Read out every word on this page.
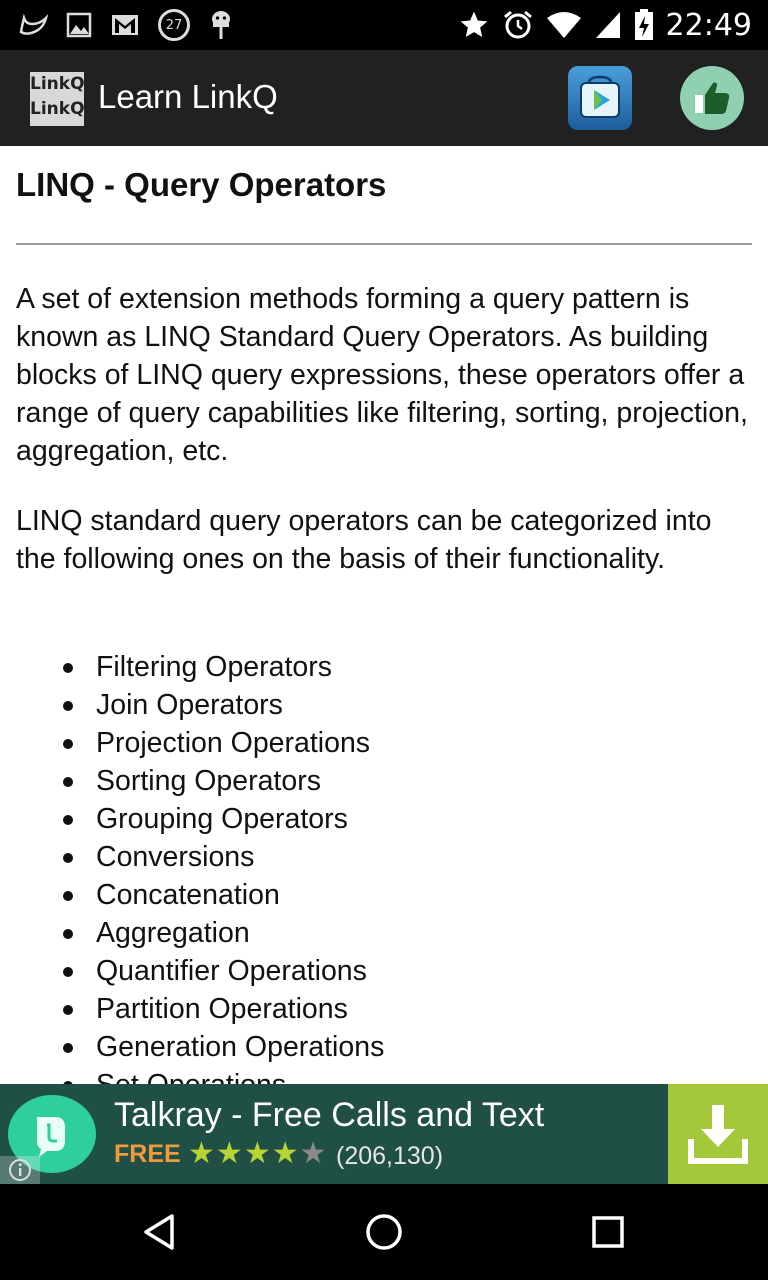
27	22:49
LinkQ
LinkQ Learn LinkQ
LINQ - Query Operators

A set of extension methods forming a query pattern is known as LINQ Standard Query Operators. As building blocks of LINQ query expressions, these operators offer a range of query capabilities like filtering, sorting, projection, aggregation, etc.

LINQ standard query operators can be categorized into the following ones on the basis of their functionality.

Filtering Operators
Join Operators
Projection Operations
Sorting Operators
Grouping Operators
Conversions
Concatenation
Aggregation
Quantifier Operations
Partition Operations
Generation Operations
Talkray - Free Calls and Text
FREE ★★★★★ (206,130)
